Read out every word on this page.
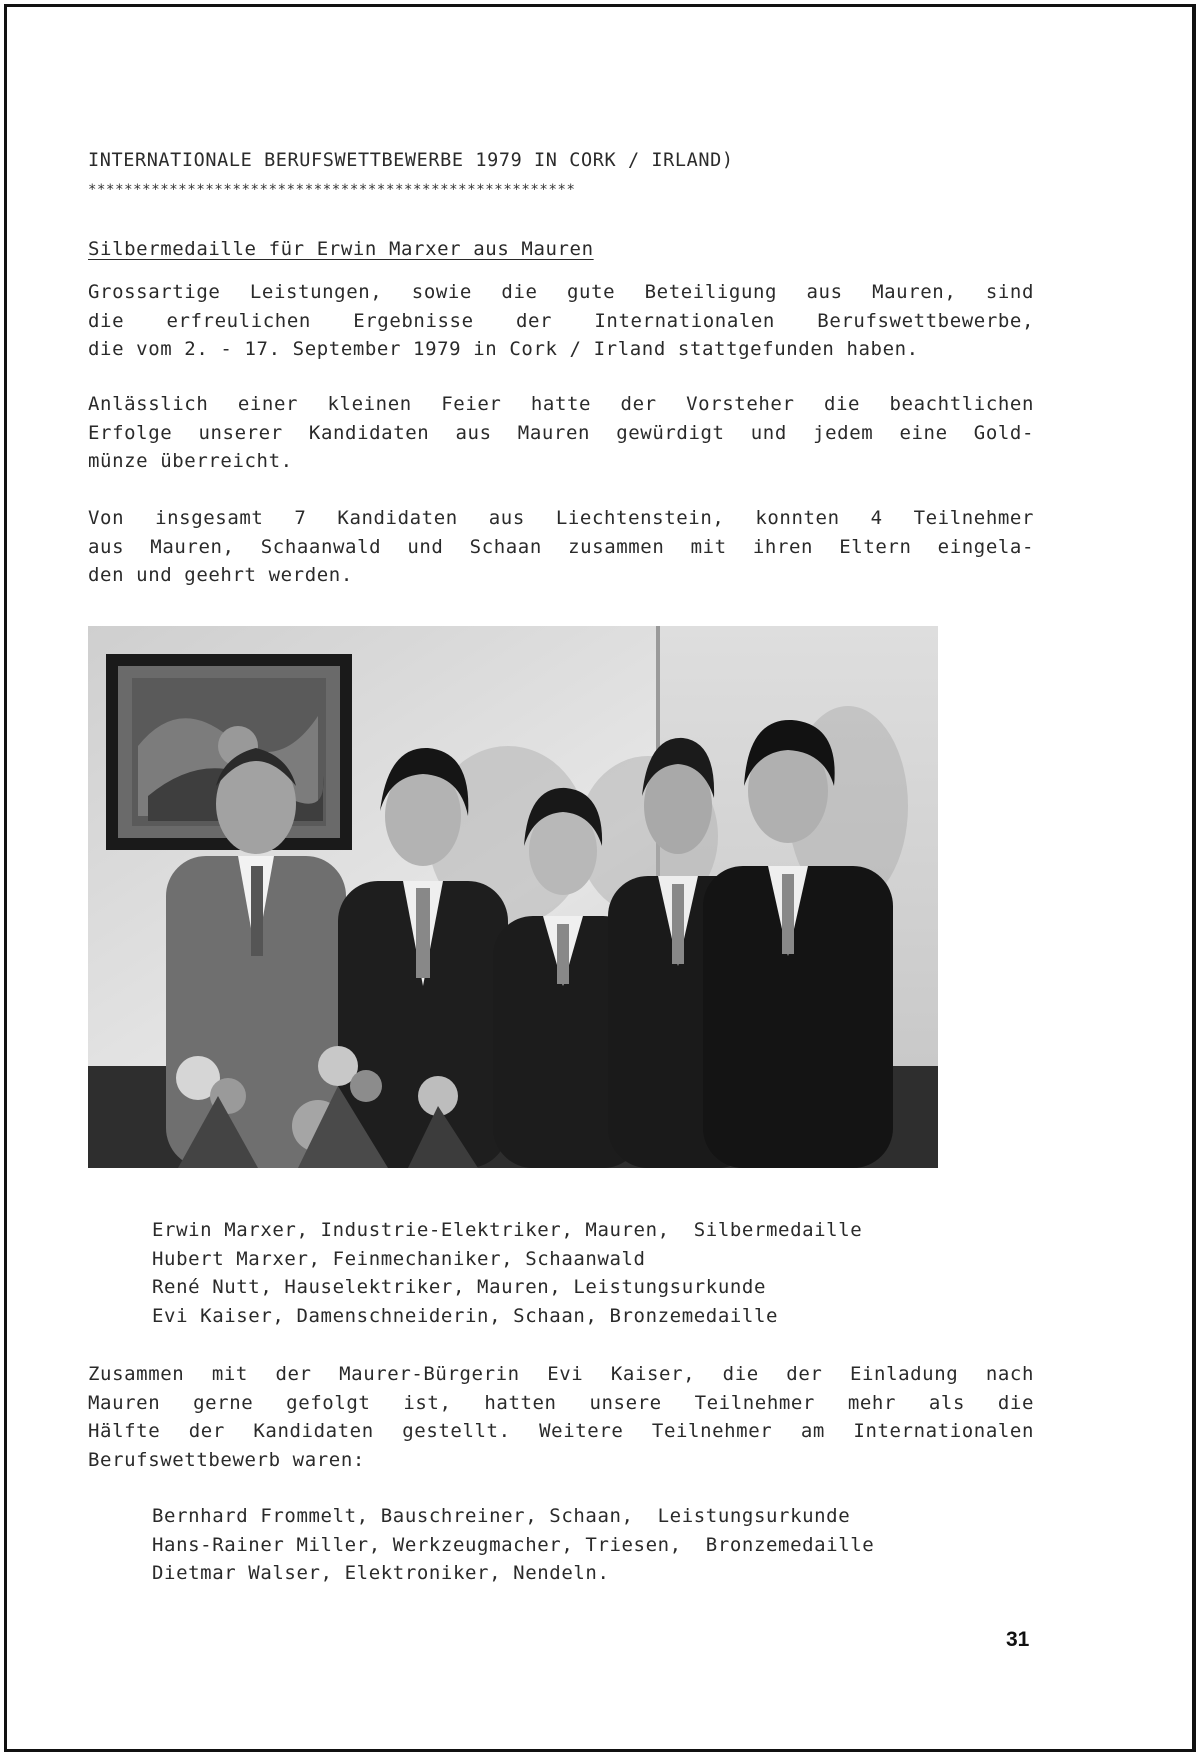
INTERNATIONALE BERUFSWETTBEWERBE 1979 IN CORK / IRLAND)
******************************************************
Silbermedaille für Erwin Marxer aus Mauren
Grossartige Leistungen, sowie die gute Beteiligung aus Mauren, sind
die erfreulichen Ergebnisse der Internationalen Berufswettbewerbe,
die vom 2. - 17. September 1979 in Cork / Irland stattgefunden haben.
Anlässlich einer kleinen Feier hatte der Vorsteher die beachtlichen
Erfolge unserer Kandidaten aus Mauren gewürdigt und jedem eine Gold-
münze überreicht.
Von insgesamt 7 Kandidaten aus Liechtenstein, konnten 4 Teilnehmer
aus Mauren, Schaanwald und Schaan zusammen mit ihren Eltern eingela-
den und geehrt werden.
Erwin Marxer, Industrie-Elektriker, Mauren,  Silbermedaille
Hubert Marxer, Feinmechaniker, Schaanwald
René Nutt, Hauselektriker, Mauren, Leistungsurkunde
Evi Kaiser, Damenschneiderin, Schaan, Bronzemedaille
Zusammen mit der Maurer-Bürgerin Evi Kaiser, die der Einladung nach
Mauren gerne gefolgt ist, hatten unsere Teilnehmer mehr als die
Hälfte der Kandidaten gestellt. Weitere Teilnehmer am Internationalen
Berufswettbewerb waren:
Bernhard Frommelt, Bauschreiner, Schaan,  Leistungsurkunde
Hans-Rainer Miller, Werkzeugmacher, Triesen,  Bronzemedaille
Dietmar Walser, Elektroniker, Nendeln.
31
